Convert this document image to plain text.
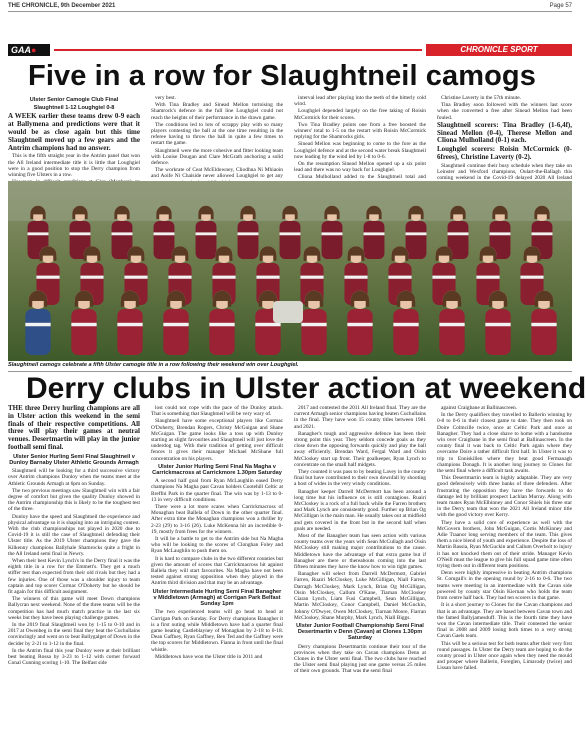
THE CHRONICLE, 9th December 2021	Page 57
GAA●	CHRONICLE SPORT
Five in a row for Slaughtneil camogs

Ulster Senior Camogie Club Final

Slaughtneil 1-12 Loughgiel 0-8

A WEEK earlier these teams drew 0-9 each at Ballymena and predictions were that it would be as close again but this time Slaughtneil moved up a few gears and the Antrim champions had no answer.

This is the fifth straight year in the Antrim panel that won the All Ireland intermediate title it is little that Loughgiel were in a good position to stop the Derry champion from winning five Ulsters in a row.

very best.

With Tina Bradley and Sinead Mellon tortoising the Shamrock's defence in the full line Loughgiel could not reach the heights of their performance in the drawn game.

The conditions led to lots of scrappy play with so many players contesting the ball at the one time resulting in the referee having to throw the ball in quite a few times to restart the game.

Slaughtneil were the more cohesive and fitter looking team with Louise Dougan and Clare McGrath anchoring a solid defence.

The workrate of Ceat McEldowney, Cliodhna Ni Mhiaoin and Aoife Ni Chaiside never allowed Loughgiel to get any

interval lead after playing into the teeth of the bitterly cold wind.

Loughgiel depended largely on the free taking of Roisin McCormick for their scores.

Two Tina Bradley points one from a free boosted the winners' total to 1-5 on the restart with Roisin McCormick replying for the Shamrocks girls.

Sinead Mellon was beginning to come to the fore as the Loughgiel defence and at the second water break Slaughtneil now leading by the wind led by 1-8 to 0-6.

On the resumption Sinead Mellon opened up a six point lead and there was no way back for Loughgiel.

Cliona Mulholland added to the Slaughtneil total and

Christine Laverty in the 57th minute.

Tina Bradley soon followed with the winners last score when she converted a free after Sinead Mellon had been fouled.

Slaughtneil scorers: Tina Bradley (1-6,4f), Sinead Mellon (0-4), Therese Mellon and Cliona Mulholland (0-1) each.

Loughgiel scorers: Roisin McCormick (0-6frees), Christine Laverty (0-2).

Slaughtneil continue their busy schedule when they take on Leinster and Wexford champions, Oulart-the-Ballagh this coming weekend in the Covid-19 delayed 2020 All Ireland

Slaughtneil camogs celebrate a fifth Ulster camogie title in a row following their weekend win over Loughgiel.
Derry clubs in Ulster action at weekend

THE three Derry hurling champions are all in Ulster action this weekend in the semi finals of their respective competitions. All three will play their games at neutral venues. Desertmartin will play in the junior football semi final.

Ulster Senior Hurling Semi Final Slaughtneil v Dunloy Barnaby Ulster Athletic Grounds Armagh

Slaughtneil will be looking for a third successive victory over Antrim champions Dunloy when the teams meet at the Athletic Grounds Armagh at 6pm on Sunday.

The two previous meetings saw Slaughtneil win with a fair degree of comfort but given the quality Dunloy showed in the Antrim championship this is likely to be the toughest test of the three.

Dunloy have the speed and Slaughtneil the experience and physical advantage so it is shaping into an intriguing contest. With the club championships not played in 2020 due to Covid-19 it is still the case of Slaughtneil defending their Ulster title. As the 2019 Ulster champions they gave the Kilkenny champions Ballyhale Shamrocks quite a fright in the All Ireland semi final in Newry.

When their best Kevin Lynch's in the Derry final it was the eighth title in a row for the Emmett's. They get a much stiffer test than expected from their old rivals but they had a few injuries. One of those was a shoulder injury to team captain and top scorer Cormac O'Doherty but he should be fit again for this difficult assignment.

The winners of this game will meet Down champions Ballycran next weekend. None of the three teams will be the competition has had much match practice in the last six weeks but they have been playing challenge games.

In the 2019 final Slaughtneil won by 1-15 to 0-10 and in 2017 at Owenbeg in the semi final they beat the Cuchullains convincingly and went on to beat Ballygalget of Down in the decider by 2-21 to 1-12 in the final.

In the Antrim final this year Dunloy were at their brilliant best beating Rossa by 3-23 to 1-12 with corner forward Conal Cunning scoring 1-10. The Belfast side

lost could not cope with the pace of the Dunloy attack. That is something that Slaughtneil will be very wary of.

Slaughtneil have some exceptional players like Cormac O'Doherty, Brendan Rogers, Christy McGuigan and Shane McGuigan. The game looks like a toss up with Dunloy starting as slight favourites and Slaughtneil will just love the underdog tag. With their tradition of getting over difficult fences it gives their manager Michael McShane full concentration on his players.

Ulster Junior Hurling Semi Final Na Magha v Carrickmacross at Carrickmore 1.30pm Saturday

A second half goal from Ryan McLaughlin eased Derry champions Na Magha past Cavan holders Cootehill Celtic at Breffni Park in the quarter final. The win was by 1-13 to 0-13 in very difficult conditions.

There were a lot more scares when Carrickmacross of Monaghan beat Ballela of Down in the other quarter final. After extra time the Monaghan champions won a thriller by 2-23 (29) to 3-16 (26). Luke McKenna hit an incredible 0-19, mostly from frees for the winners.

It will be a battle to get to the Antrim side but Na Magha who will be looking to the scores of Clonghan Foley and Ryan McLaughlin to push them on.

It is hard to compare clubs in the two different counties but given the amount of scores that Carrickmacross hit against Ballela they will start favourites. Na Magha have not been tested against strong opposition when they played in the Antrim third division and that may be an advantage.

Ulster Intermediate Hurling Semi Final Banagher v Middletown (Armagh) at Corrigan Park Belfast Sunday 1pm

The two experienced teams will go head to head at Corrigan Park on Sunday. For Derry champions Banagher it is a first outing while Middletown have had a quarter final game beating Castleblayney of Monaghan by 2-18 to 0-18. Dean Gaffney, Ryan Gaffney, Ben Ted and the Gaffney were the top scorers for Middletown. Fianna in front until the final whistle.

Middletown have won the Ulster title in 2011 and

2017 and contested the 2011 All Ireland final. They are the current Armagh senior champions having beaten Cuchullains in the final. They have won 15 county titles between 1981 and 2021.

Banagher's tough and aggressive defence has been their strong point this year. They seldom concede goals as they close down the opposing forwards quickly and play the ball away efficiently. Brendan Ward, Fergal Ward and Oisin McCloskey start up front. Their goalkeeper, Ryan Lynch to concentrate on the small half midgets.

They counted it was pass to by beating Lavey in the county final but have contributed to their own downfall by shooting a host of wides in the very windy conditions.

Banagher keeper Darrell McDermott has been around a long time but his influence on is still contagious. Ruairi McCloskey is a rock of a full back while the Farren brothers and Mark Lynch are consistently good. Further up Brian Og McGilligan is the main man. He usually takes out at midfield and gets covered in the front but in the second half when goals are needed.

Most of the Banagher team has seen action with various county teams over the years with Sean McCullagh and Oisin McCloskey still making major contributions to the cause. Middletown have the advantage of that extra game but if Banagher are there or thereabouts coming into the last fifteen minutes they have the know how to win tight games.

Banagher will select from Darrell McDermott, Gabriel Farren, Ruairi McCloskey, Luke McGilligan, Niall Farren, Darragh McCloskey, Mark Lynch, Brian Og McGilligan, Oisin McCloskey, Callum O'Kane, Tiarnan McCloskey Ciaran Lynch, Liam Fusi Campbell, Sean McGilligan, Martin McCloskey, Conor Campbell, Daniel McGuckin, Johnny O'Dwyer, Owen McCloskey, Tiarnan Moore, Fiarran McCloskey, Shane Murphy, Mark Lynch, Niall Biggs.

Ulster Junior Football Championship Semi Final Desertmartin v Denn (Cavan) at Clones 1.30pm Saturday

Derry champions Desertmartin continue their tour of the provinces when they take on Cavan champions Denn at Clones in the Ulster semi final. The two clubs have reached the Ulster semi final playing just one game versus 25 miles of their own grounds. That was the semi final

against Craigbane at Ballinascreen.

In the Derry qualifiers they travelled to Ballerin winning by 0-8 to 0-6 in their closest game to date. They then took on Doire Colmcille twice, once at Celtic Park and once at Banagher. They had a close shave to home with a handsome win over Craigbane in the semi final at Ballinascreen. In the county final it was back to Celtic Park again where they overcame Doire a rather difficult first half. In Ulster it was to trip to Enniskillen where they beat good Fermanagh champions Donagh. It is another long journey to Clones for the semi final where a difficult task awaits.

This Desertmartin team is highly adaptable. They are very good defensively with three banks of three defenders. After frustrating the opposition they have the forwards to do damage led by brilliant prospect Lachlan Murray. Along with team mates Ryan McElhinney and Conor Shiels his three star in the Derry team that won the 2021 All Ireland minor title with the good victory over Kerry.

They have a solid core of experience as well with the McGovern brothers, John McGuigan, Cortis McKinney and Adie Traanor long serving members of the team. This gives them a nice blend of youth and experience. Despite the loss of Martin Bassia, Ryan McGuckin and Callum Overholt to injury it has not knocked them out of their stride. Manager Kevin O'Neill must the league to give his full squad game time often trying them out in different team positions.

Denn were highly impressive in beating Antrim champions St. Comgall's in the opening round by 2-16 to 0-6. The two teams were meeting in an intermediate with the Cavan side powered by county star Oisin Kiernan who holds the team from centre half back. They had ten scorers in that game.

It is a short journey to Clones for the Cavan champions and that is an advantage. They are based between Cavan town and the famed Ballyjamesduff. This is the fourth time they have won the Cavan intermediate title. Their contested the senior final in 2008 and 2009 losing both times to a very strong Cavan Gaels team.

This will be a serious test for both teams after their very first round passages. In Ulster the Derry team are hoping to do the county proud in Ulster once again when they need the mould and prosper where Ballerin, Foreglen, Limavady (twice) and Lissan have failed.
